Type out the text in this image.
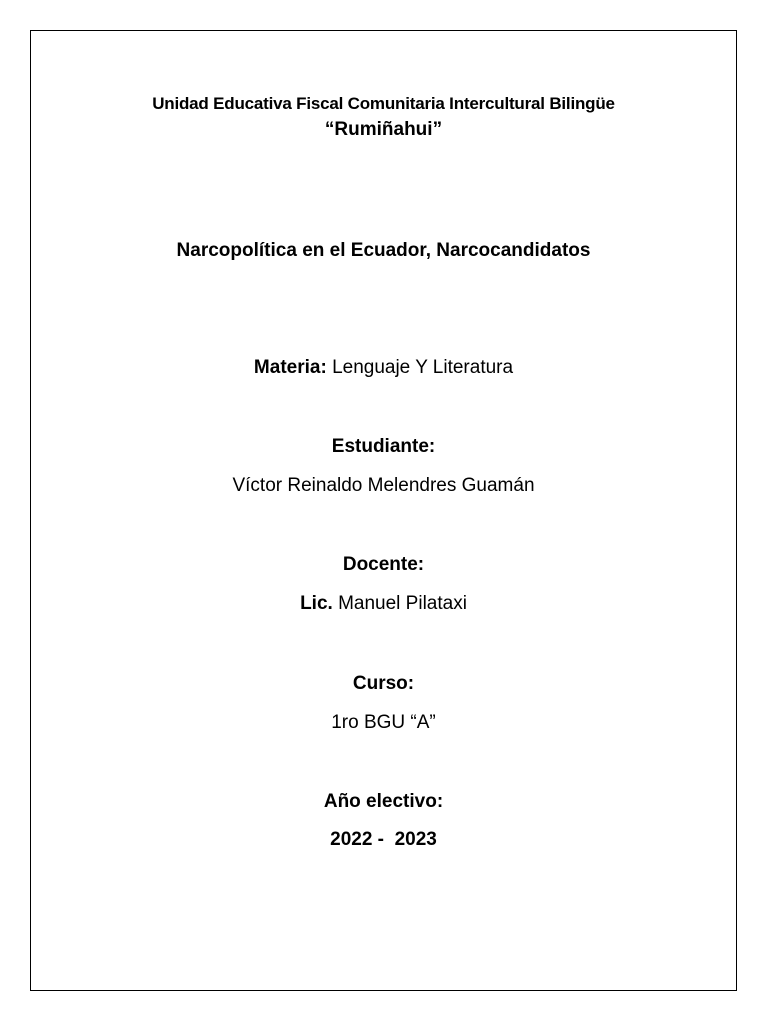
Unidad Educativa Fiscal Comunitaria Intercultural Bilingüe
“Rumiñahui”
Narcopolítica en el Ecuador, Narcocandidatos
Materia: Lenguaje Y Literatura
Estudiante:
Víctor Reinaldo Melendres Guamán
Docente:
Lic. Manuel Pilataxi
Curso:
1ro BGU “A”
Año electivo:
2022 -  2023
